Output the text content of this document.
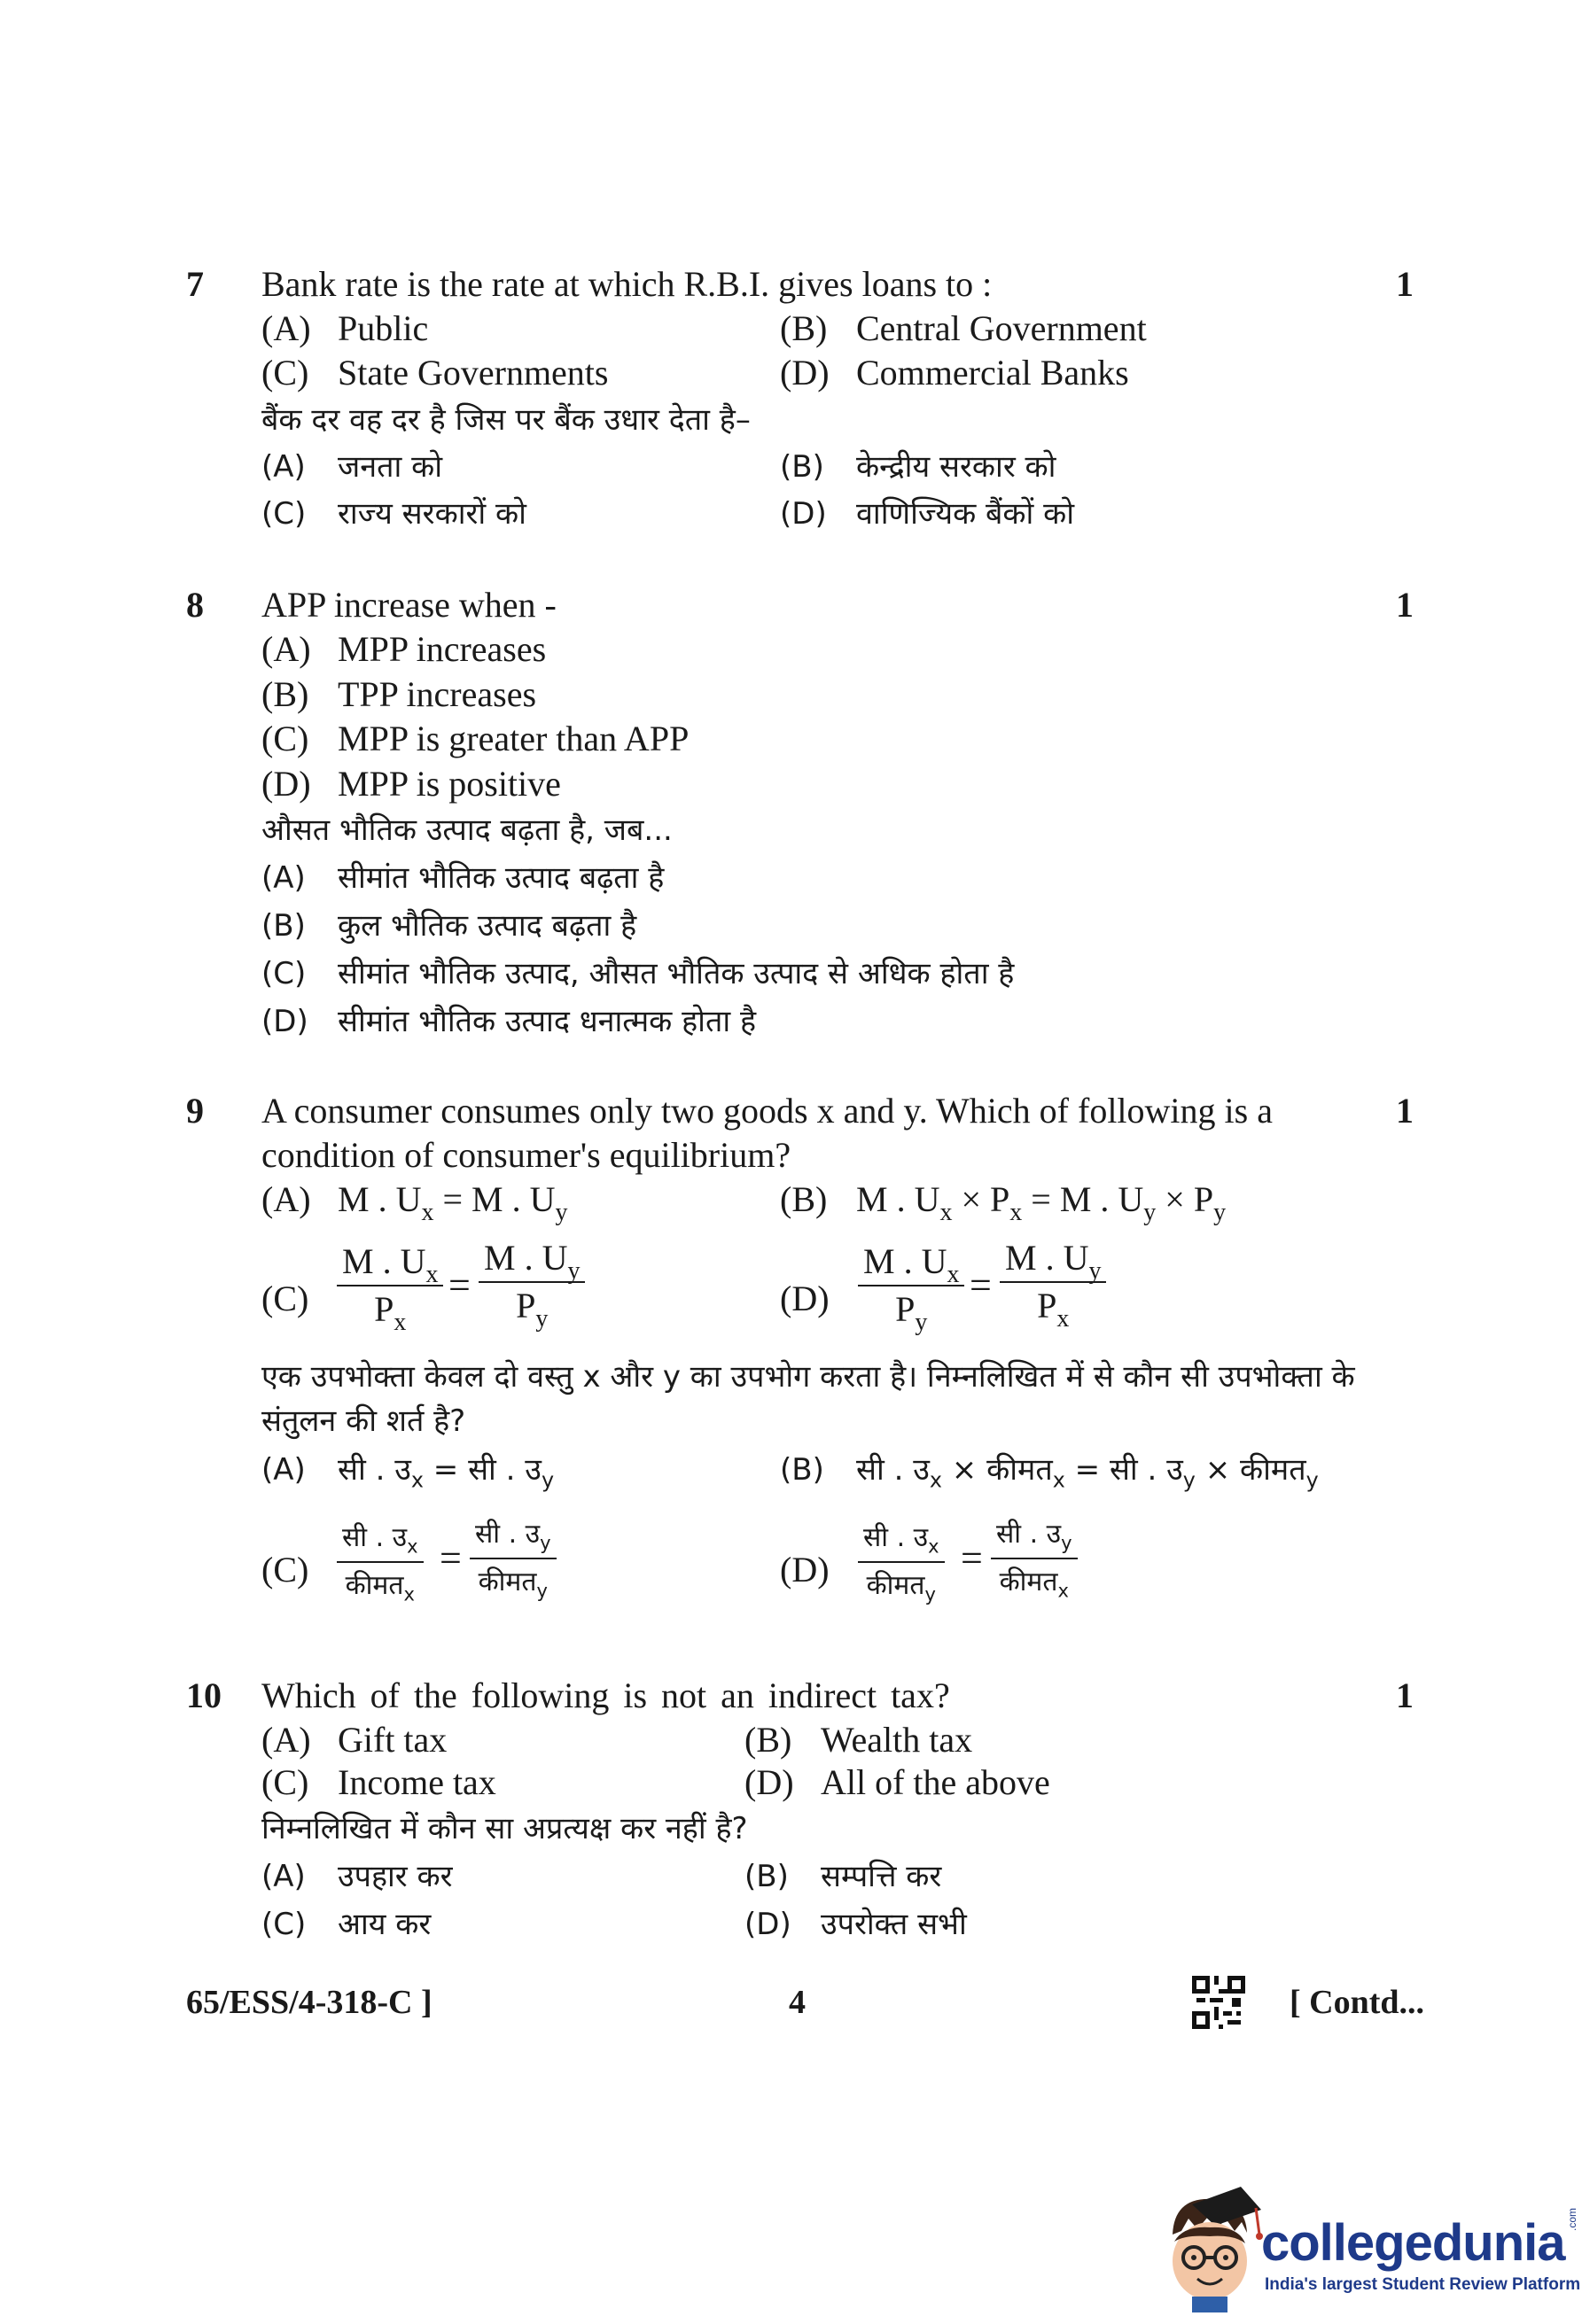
7	1
Bank rate is the rate at which R.B.I. gives loans to :
(A) Public	(B) Central Government
(C) State Governments	(D) Commercial Banks
बैंक दर वह दर है जिस पर बैंक उधार देता है–
(A) जनता को	(B) केन्द्रीय सरकार को
(C) राज्य सरकारों को	(D) वाणिज्यिक बैंकों को
8	1
APP increase when -
(A) MPP increases
(B) TPP increases
(C) MPP is greater than APP
(D) MPP is positive
औसत भौतिक उत्पाद बढ़ता है, जब...
(A) सीमांत भौतिक उत्पाद बढ़ता है
(B) कुल भौतिक उत्पाद बढ़ता है
(C) सीमांत भौतिक उत्पाद, औसत भौतिक उत्पाद से अधिक होता है
(D) सीमांत भौतिक उत्पाद धनात्मक होता है
9	1
A consumer consumes only two goods x and y. Which of following is a
condition of consumer's equilibrium?
(A) M . $U_x = M$ . $U_y$	(B) M . $U_x \times P_x = M$ . $U_y \times P_y$
$(C) \frac{M . U_x}{P_x} = \frac{M . U_y}{P_y}$	$(D) \frac{M . U_x}{P_y} = \frac{M . U_y}{P_x}$
एक उपभोक्ता केवल दो वस्तु x और y का उपभोग करता है। निम्नलिखित में से कौन सी उपभोक्ता के
संतुलन की शर्त है?
(A) सी . उ$_x$ = सी . उ$_y$	(B) सी . उ$_x$ × कीमत$_x$ = सी . उ$_y$ × कीमत$_y$
(C)
सी . उ$_x$
कीमत$_x$
=
सी . उ$_y$
कीमत$_y$
(D)
सी . उ$_x$
कीमत$_y$
=
सी . उ$_y$
कीमत$_x$
10	1
Which of the following is not an indirect tax?
(A) Gift tax	(B) Wealth tax
(C) Income tax	(D) All of the above
निम्नलिखित में कौन सा अप्रत्यक्ष कर नहीं है?
(A) उपहार कर	(B) सम्पत्ति कर
(C) आय कर	(D) उपरोक्त सभी
65/ESS/4-318-C ]	4	[ Contd...
collegedunia .com
India's largest Student Review Platform
